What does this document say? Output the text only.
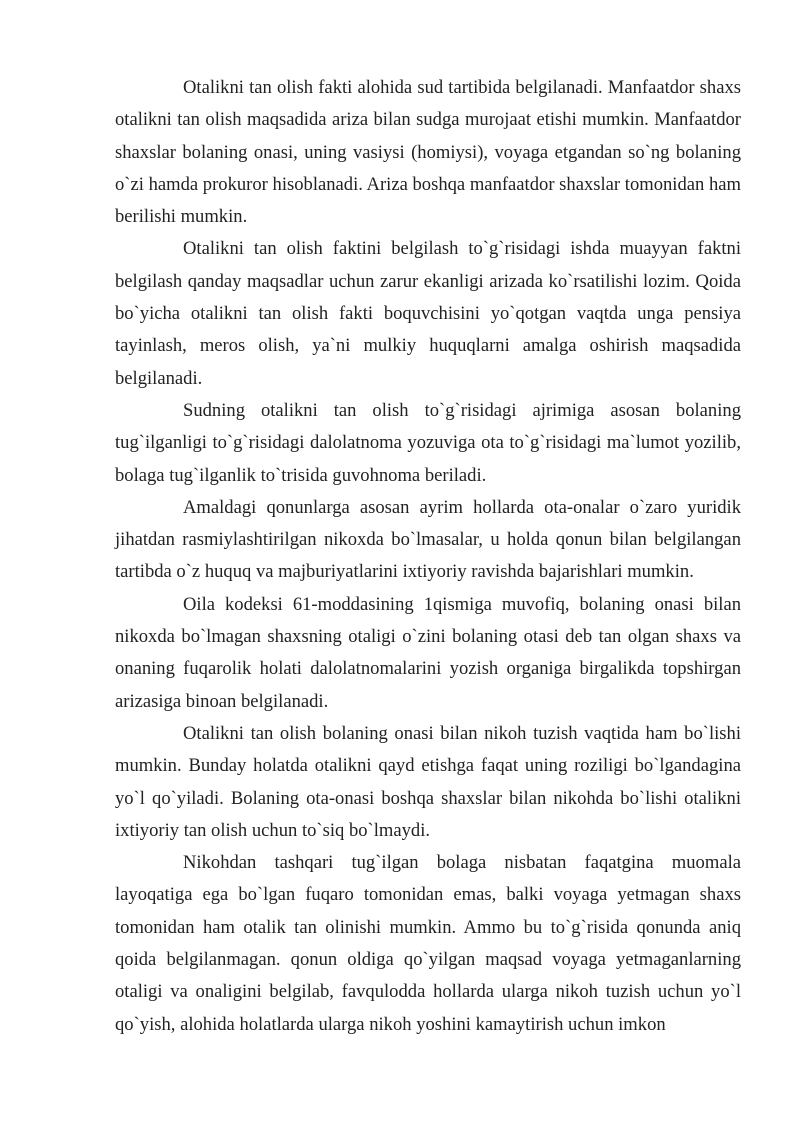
Otalikni tan olish fakti alohida sud tartibida belgilanadi. Manfaatdor shaxs otalikni tan olish maqsadida ariza bilan sudga murojaat etishi mumkin. Manfaatdor shaxslar bolaning onasi, uning vasiysi (homiysi), voyaga etgandan so`ng bolaning o`zi hamda prokuror hisoblanadi. Ariza boshqa manfaatdor shaxslar tomonidan ham berilishi mumkin.

Otalikni tan olish faktini belgilash to`g`risidagi ishda muayyan faktni belgilash qanday maqsadlar uchun zarur ekanligi arizada ko`rsatilishi lozim. Qoida bo`yicha otalikni tan olish fakti boquvchisini yo`qotgan vaqtda unga pensiya tayinlash, meros olish, ya`ni mulkiy huquqlarni amalga oshirish maqsadida belgilanadi.

Sudning otalikni tan olish to`g`risidagi ajrimiga asosan bolaning tug`ilganligi to`g`risidagi dalolatnoma yozuviga ota to`g`risidagi ma`lumot yozilib, bolaga tug`ilganlik to`trisida guvohnoma beriladi.

Amaldagi qonunlarga asosan ayrim hollarda ota-onalar o`zaro yuridik jihatdan rasmiylashtirilgan nikoxda bo`lmasalar, u holda qonun bilan belgilangan tartibda o`z huquq va majburiyatlarini ixtiyoriy ravishda bajarishlari mumkin.

Oila kodeksi 61-moddasining 1qismiga muvofiq, bolaning onasi bilan nikoxda bo`lmagan shaxsning otaligi o`zini bolaning otasi deb tan olgan shaxs va onaning fuqarolik holati dalolatnomalarini yozish organiga birgalikda topshirgan arizasiga binoan belgilanadi.

Otalikni tan olish bolaning onasi bilan nikoh tuzish vaqtida ham bo`lishi mumkin. Bunday holatda otalikni qayd etishga faqat uning roziligi bo`lgandagina yo`l qo`yiladi. Bolaning ota-onasi boshqa shaxslar bilan nikohda bo`lishi otalikni ixtiyoriy tan olish uchun to`siq bo`lmaydi.

Nikohdan tashqari tug`ilgan bolaga nisbatan faqatgina muomala layoqatiga ega bo`lgan fuqaro tomonidan emas, balki voyaga yetmagan shaxs tomonidan ham otalik tan olinishi mumkin. Ammo bu to`g`risida qonunda aniq qoida belgilanmagan. qonun oldiga qo`yilgan maqsad voyaga yetmaganlarning otaligi va onaligini belgilab, favqulodda hollarda ularga nikoh tuzish uchun yo`l qo`yish, alohida holatlarda ularga nikoh yoshini kamaytirish uchun imkon
